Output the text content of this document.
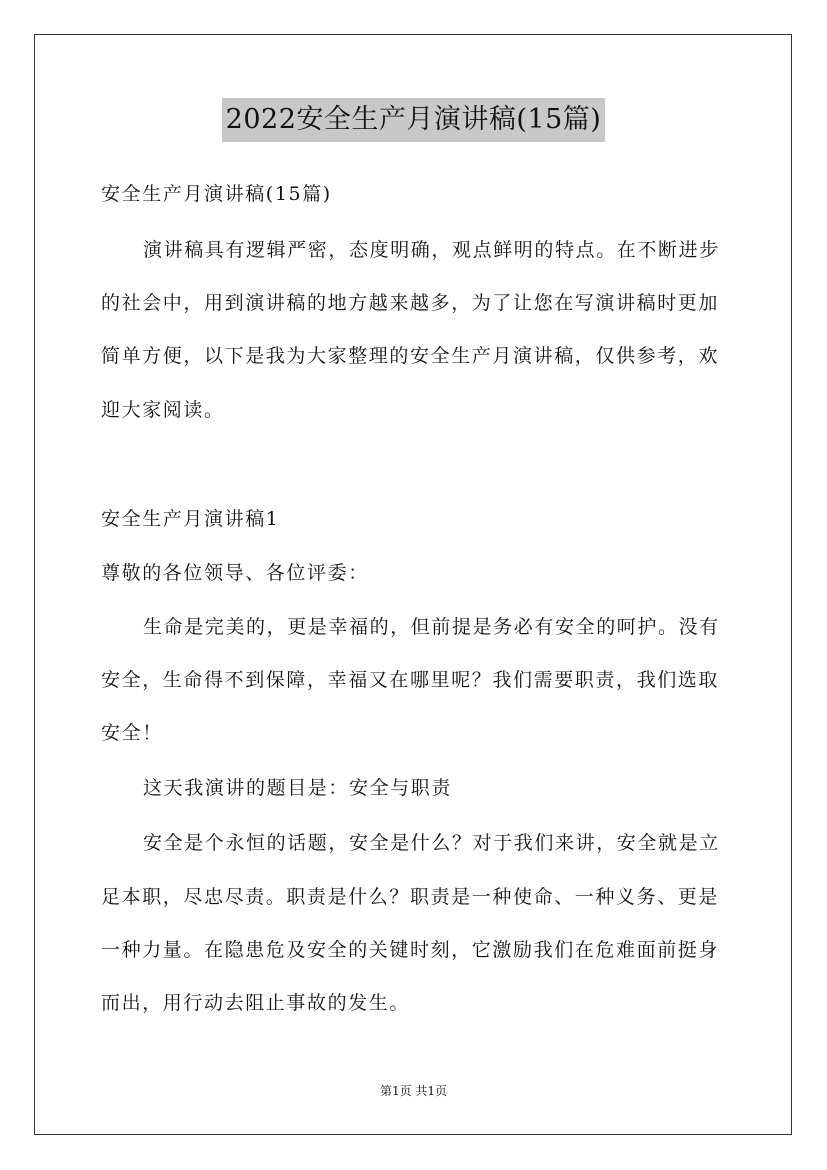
2022安全生产月演讲稿(15篇)
安全生产月演讲稿(15篇)
演讲稿具有逻辑严密，态度明确，观点鲜明的特点。在不断进步
的社会中，用到演讲稿的地方越来越多，为了让您在写演讲稿时更加
简单方便，以下是我为大家整理的安全生产月演讲稿，仅供参考，欢
迎大家阅读。
安全生产月演讲稿1
尊敬的各位领导、各位评委：
生命是完美的，更是幸福的，但前提是务必有安全的呵护。没有
安全，生命得不到保障，幸福又在哪里呢？我们需要职责，我们选取
安全！
这天我演讲的题目是：安全与职责
安全是个永恒的话题，安全是什么？对于我们来讲，安全就是立
足本职，尽忠尽责。职责是什么？职责是一种使命、一种义务、更是
一种力量。在隐患危及安全的关键时刻，它激励我们在危难面前挺身
而出，用行动去阻止事故的发生。
第1页 共1页
